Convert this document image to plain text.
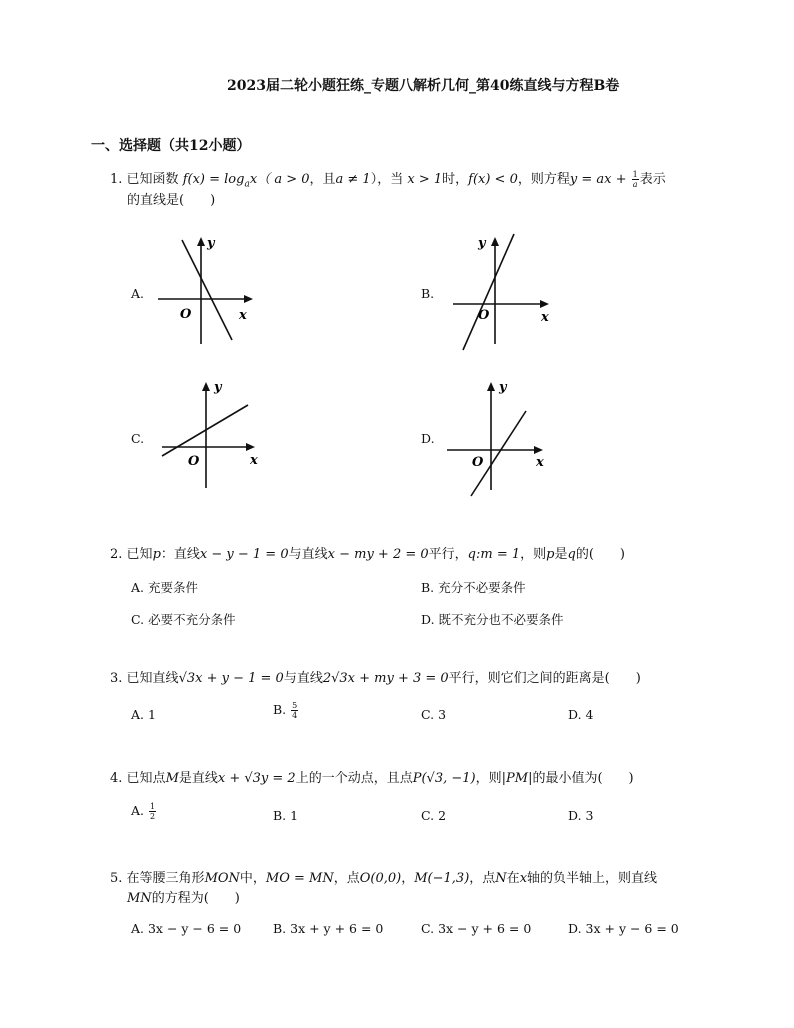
2023届二轮小题狂练_专题八解析几何_第40练直线与方程B卷
一、选择题（共12小题）
1. 已知函数 $f(x) = \log_ax$（ a > 0，且a ≠ 1），当 x > 1时，f(x) < 0，则方程y = ax + $\frac{1}{a}$ 表示
的直线是(　　)
A.
y
x
O
B.
y
x
O
C.
y
x
O
D.
y
x
O
2. 已知p：直线x − y − 1 = 0与直线x − my + 2 = 0平行，q:m = 1，则p是q的(　　)
A. 充要条件	B. 充分不必要条件
C. 必要不充分条件	D. 既不充分也不必要条件
3. 已知直线√3x + y − 1 = 0与直线2√3x + my + 3 = 0平行，则它们之间的距离是(　　)
A. 1	B. $\frac{5}{4}$	C. 3	D. 4
4. 已知点M是直线x + √3y = 2上的一个动点，且点P(√3, −1)，则|PM|的最小值为(　　)
A. $\frac{1}{2}$	B. 1	C. 2	D. 3
5. 在等腰三角形MON中，MO = MN，点O(0,0)，M(−1,3)，点N在x轴的负半轴上，则直线
MN的方程为(　　)
A. 3x − y − 6 = 0	B. 3x + y + 6 = 0	C. 3x − y + 6 = 0	D. 3x + y − 6 = 0
